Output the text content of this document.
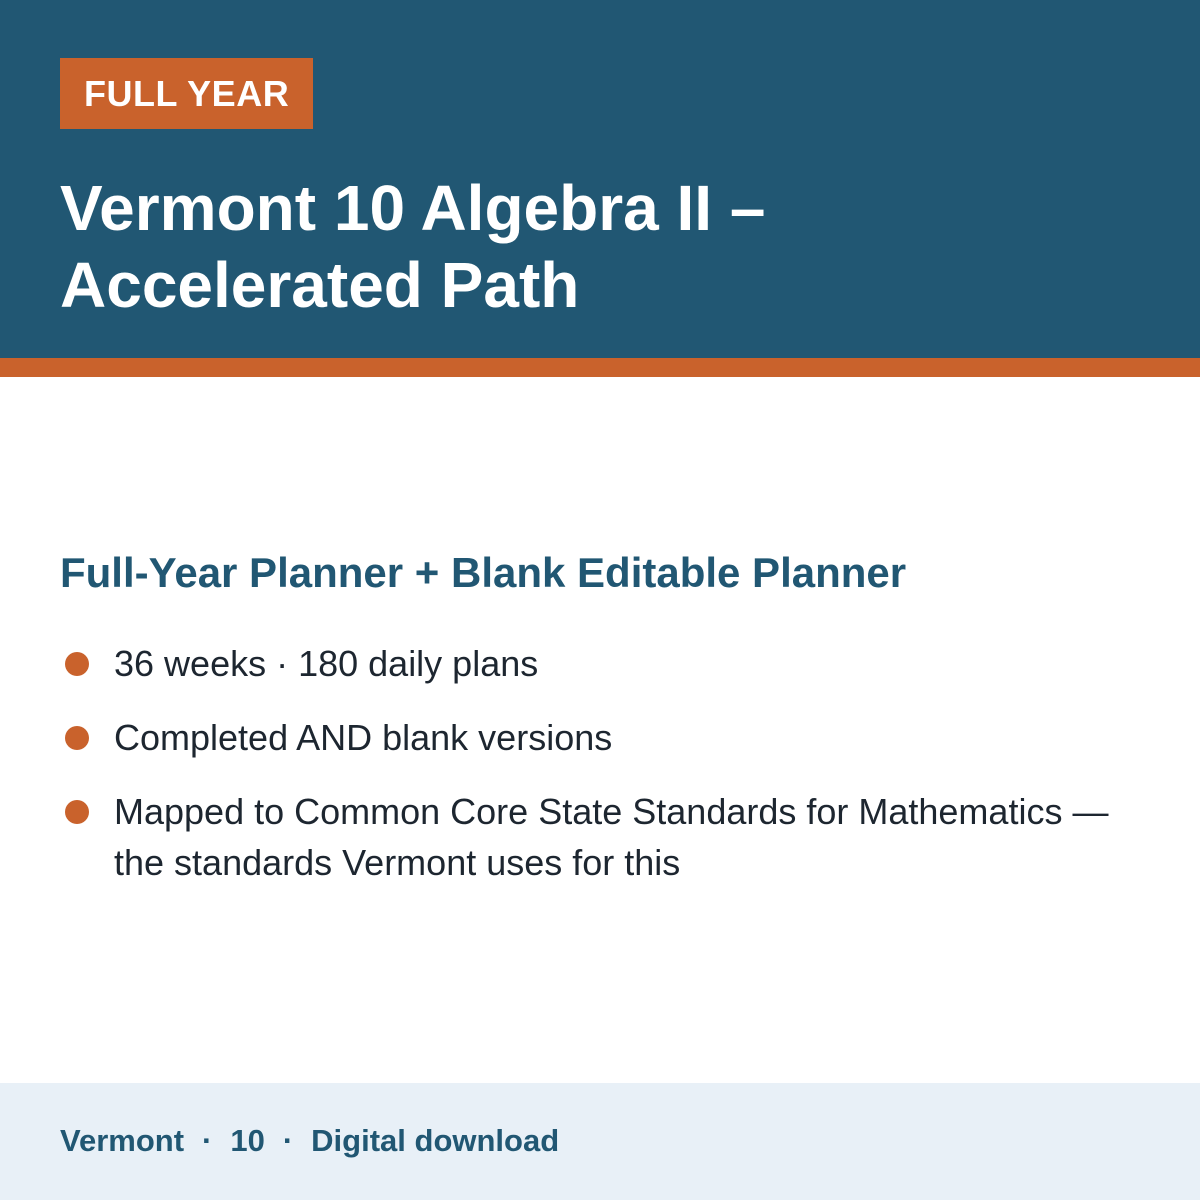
FULL YEAR
Vermont 10 Algebra II – Accelerated Path
Full-Year Planner + Blank Editable Planner
36 weeks · 180 daily plans
Completed AND blank versions
Mapped to Common Core State Standards for Mathematics — the standards Vermont uses for this
Vermont · 10 · Digital download
